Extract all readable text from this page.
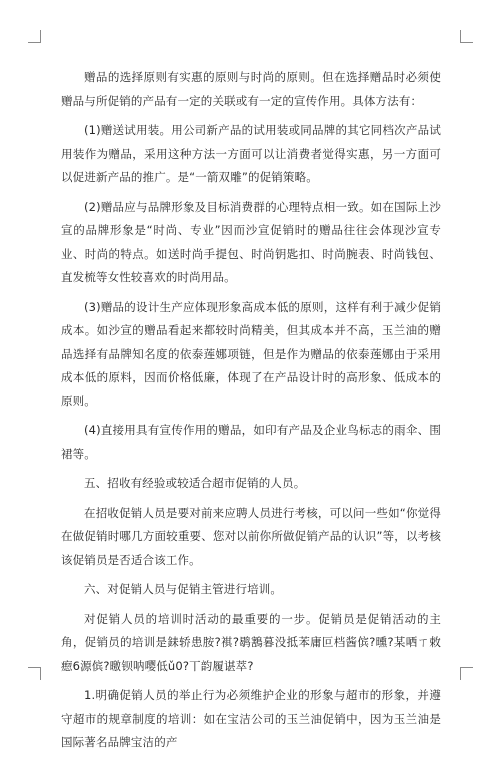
赠品的选择原则有实惠的原则与时尚的原则。但在选择赠品时必须使赠品与所促销的产品有一定的关联或有一定的宣传作用。具体方法有：

(1)赠送试用装。用公司新产品的试用装或同品牌的其它同档次产品试用装作为赠品，采用这种方法一方面可以让消费者觉得实惠，另一方面可以促进新产品的推广。是“一箭双雕”的促销策略。

(2)赠品应与品牌形象及目标消费群的心理特点相一致。如在国际上沙宣的品牌形象是“时尚、专业”因而沙宣促销时的赠品往往会体现沙宣专业、时尚的特点。如送时尚手提包、时尚钥匙扣、时尚腕表、时尚钱包、直发梳等女性较喜欢的时尚用品。

(3)赠品的设计生产应体现形象高成本低的原则，这样有利于减少促销成本。如沙宣的赠品看起来都较时尚精美，但其成本并不高，玉兰油的赠品选择有品牌知名度的依泰莲娜项链，但是作为赠品的依泰莲娜由于采用成本低的原料，因而价格低廉，体现了在产品设计时的高形象、低成本的原则。

(4)直接用具有宣传作用的赠品，如印有产品及企业鸟标志的雨伞、围裙等。

五、招收有经验或较适合超市促销的人员。

在招收促销人员是要对前来应聘人员进行考核，可以问一些如“你觉得在做促销时哪几方面较重要、您对以前你所做促销产品的认识”等，以考核该促销员是否适合该工作。

六、对促销人员与促销主管进行培训。

对促销人员的培训时活动的最重要的一步。促销员是促销活动的主角，促销员的培训是銇轿患胺?褀?鹖鶷暮没抵苯庸叵档酱傧?曛?某哂ㄒ敕瘛6源傧?曒钡呐嘤低ǔ0?丅韵履谌萃?

1.明确促销人员的举止行为必须维护企业的形象与超市的形象，并遵守超市的规章制度的培训：如在宝洁公司的玉兰油促销中，因为玉兰油是国际著名品牌宝洁的产
